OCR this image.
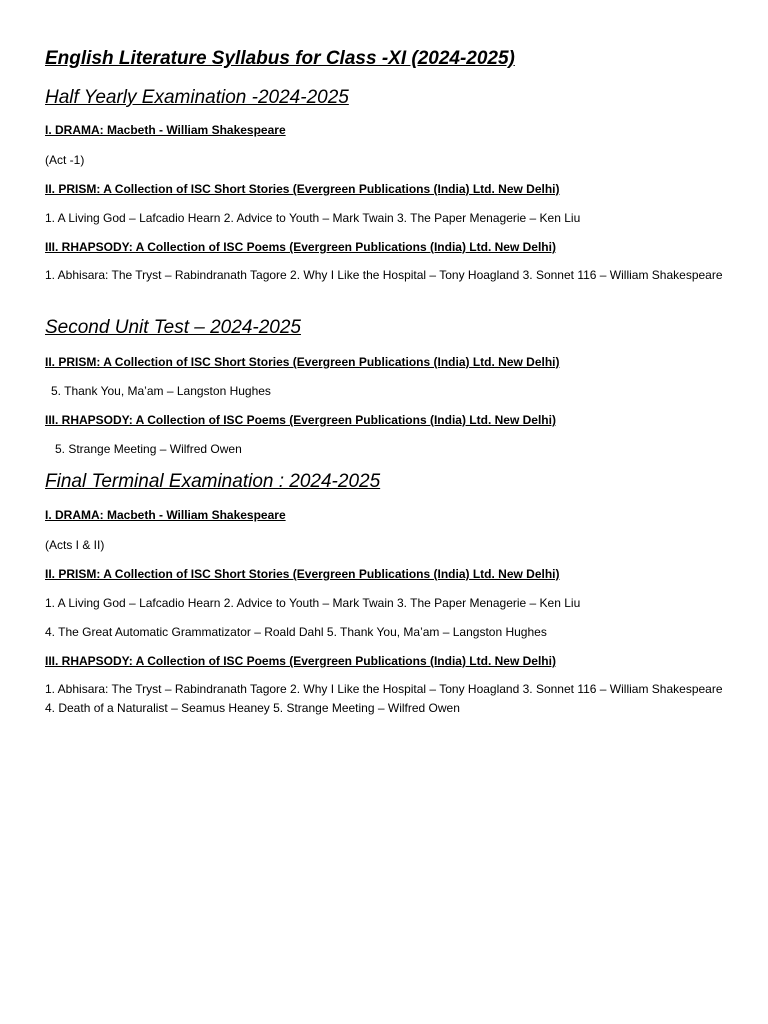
English Literature Syllabus for Class -XI (2024-2025)
Half Yearly Examination -2024-2025
I. DRAMA: Macbeth - William Shakespeare
(Act -1)
II. PRISM: A Collection of ISC Short Stories (Evergreen Publications (India) Ltd. New Delhi)
1. A Living God – Lafcadio Hearn 2. Advice to Youth – Mark Twain 3. The Paper Menagerie – Ken Liu
III. RHAPSODY: A Collection of ISC Poems (Evergreen Publications (India) Ltd. New Delhi)
1. Abhisara: The Tryst – Rabindranath Tagore 2. Why I Like the Hospital – Tony Hoagland 3. Sonnet 116 – William Shakespeare
Second Unit Test – 2024-2025
II. PRISM: A Collection of ISC Short Stories (Evergreen Publications (India) Ltd. New Delhi)
5. Thank You, Ma’am – Langston Hughes
III. RHAPSODY: A Collection of ISC Poems (Evergreen Publications (India) Ltd. New Delhi)
5. Strange Meeting – Wilfred Owen
Final Terminal Examination : 2024-2025
I. DRAMA: Macbeth - William Shakespeare
(Acts I & II)
II. PRISM: A Collection of ISC Short Stories (Evergreen Publications (India) Ltd. New Delhi)
1. A Living God – Lafcadio Hearn 2. Advice to Youth – Mark Twain 3. The Paper Menagerie – Ken Liu
4. The Great Automatic Grammatizator – Roald Dahl 5. Thank You, Ma’am – Langston Hughes
III. RHAPSODY: A Collection of ISC Poems (Evergreen Publications (India) Ltd. New Delhi)
1. Abhisara: The Tryst – Rabindranath Tagore 2. Why I Like the Hospital – Tony Hoagland 3. Sonnet 116 – William Shakespeare 4. Death of a Naturalist – Seamus Heaney 5. Strange Meeting – Wilfred Owen
